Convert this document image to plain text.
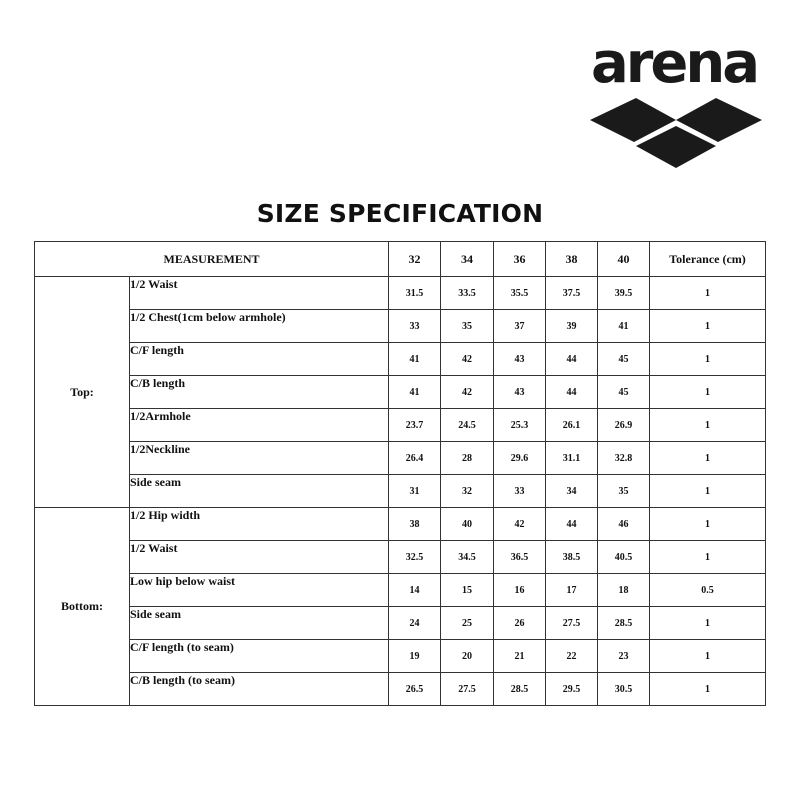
arena
SIZE SPECIFICATION
MEASUREMENT		32	34	36	38	40	Tolerance (cm)
Top:	1/2 Waist	31.5	33.5	35.5	37.5	39.5	1
	1/2 Chest(1cm below armhole)	33	35	37	39	41	1
	C/F length	41	42	43	44	45	1
	C/B length	41	42	43	44	45	1
	1/2Armhole	23.7	24.5	25.3	26.1	26.9	1
	1/2Neckline	26.4	28	29.6	31.1	32.8	1
	Side seam	31	32	33	34	35	1
Bottom:	1/2 Hip width	38	40	42	44	46	1
	1/2 Waist	32.5	34.5	36.5	38.5	40.5	1
	Low hip below waist	14	15	16	17	18	0.5
	Side seam	24	25	26	27.5	28.5	1
	C/F length (to seam)	19	20	21	22	23	1
	C/B length (to seam)	26.5	27.5	28.5	29.5	30.5	1
